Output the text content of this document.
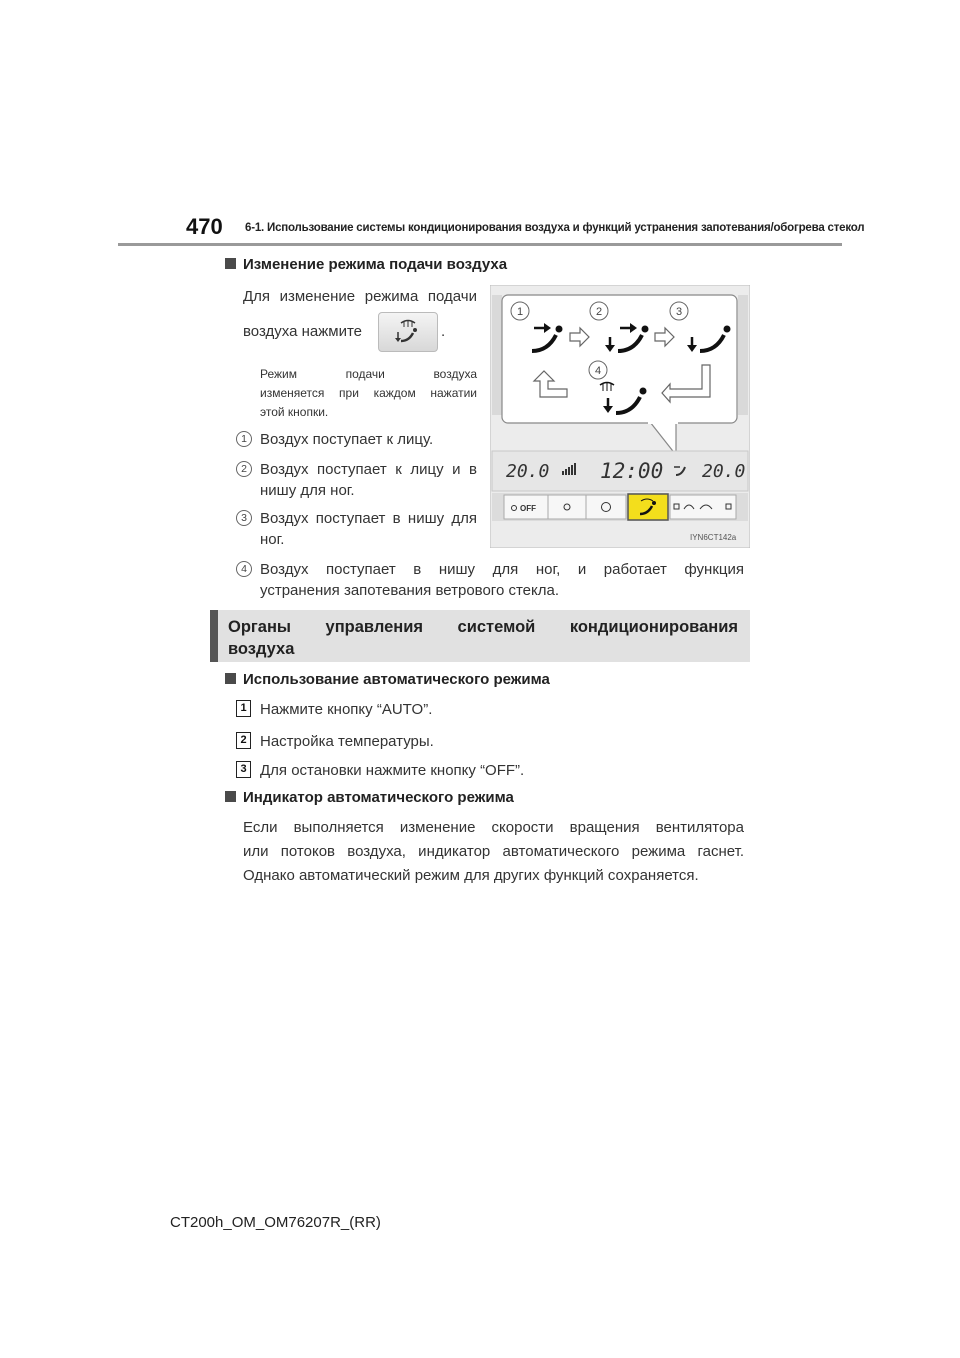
470 6-1. Использование системы кондиционирования воздуха и функций устранения запотевания/обогрева стекол
Изменение режима подачи воздуха
Для изменение режима подачи
воздуха нажмите	.
Режим подачи воздуха
изменяется при каждом нажатии
этой кнопки.
1 Воздух поступает к лицу.
2 Воздух поступает к лицу и в
нишу для ног.
3 Воздух поступает в нишу для
ног.
4 Воздух поступает в нишу для ног, и работает функция
устранения запотевания ветрового стекла.
1	2	3
4
20.0 12:00 20.0
OFF
IYN6CT142a
Органы управления системой кондиционирования
воздуха
Использование автоматического режима
1 Нажмите кнопку “AUTO”.
2 Настройка температуры.
3 Для остановки нажмите кнопку “OFF”.
Индикатор автоматического режима
Если выполняется изменение скорости вращения вентилятора
или потоков воздуха, индикатор автоматического режима гаснет.
Однако автоматический режим для других функций сохраняется.
CT200h_OM_OM76207R_(RR)
